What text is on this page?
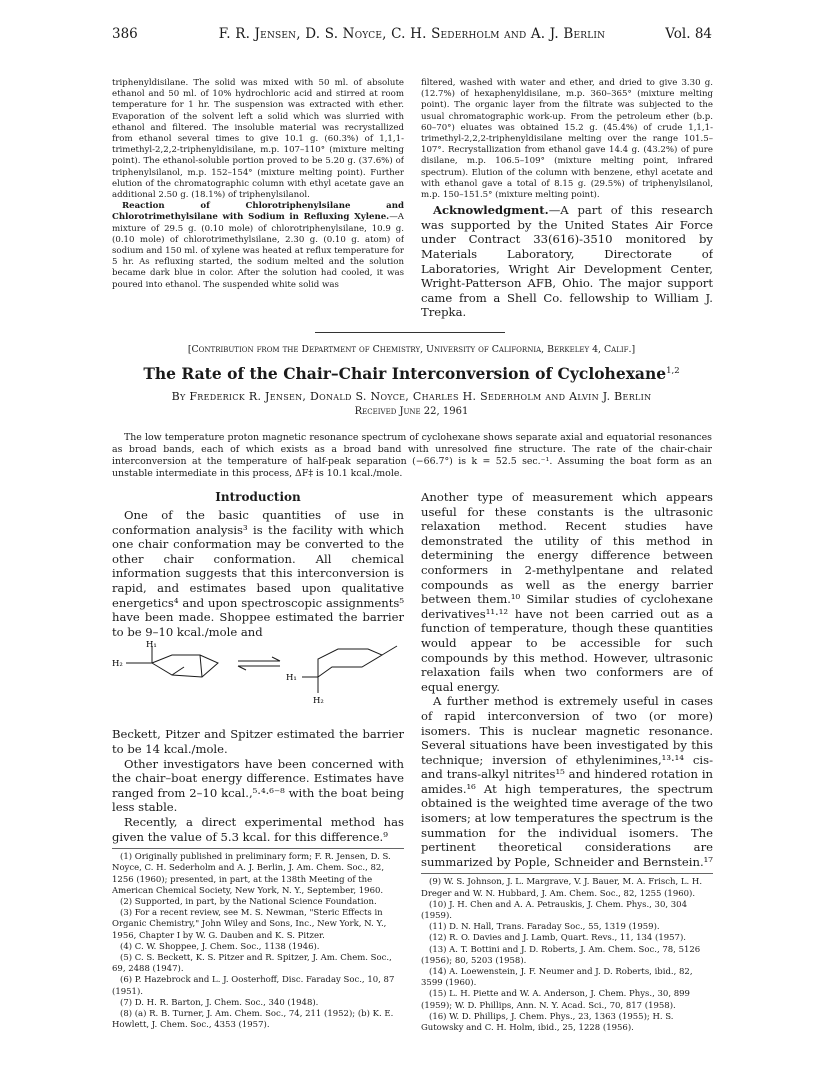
386	F. R. Jensen, D. S. Noyce, C. H. Sederholm and A. J. Berlin	Vol. 84

triphenyldisilane. The solid was mixed with 50 ml. of absolute ethanol and 50 ml. of 10% hydrochloric acid and stirred at room temperature for 1 hr. The suspension was extracted with ether. Evaporation of the solvent left a solid which was slurried with ethanol and filtered. The insoluble material was recrystallized from ethanol several times to give 10.1 g. (60.3%) of 1,1,1-trimethyl-2,2,2-triphenyldisilane, m.p. 107–110° (mixture melting point). The ethanol-soluble portion proved to be 5.20 g. (37.6%) of triphenylsilanol, m.p. 152–154° (mixture melting point). Further elution of the chromatographic column with ethyl acetate gave an additional 2.50 g. (18.1%) of triphenylsilanol.

Reaction of Chlorotriphenylsilane and Chlorotrimethylsilane with Sodium in Refluxing Xylene.—A mixture of 29.5 g. (0.10 mole) of chlorotriphenylsilane, 10.9 g. (0.10 mole) of chlorotrimethylsilane, 2.30 g. (0.10 g. atom) of sodium and 150 ml. of xylene was heated at reflux temperature for 5 hr. As refluxing started, the sodium melted and the solution became dark blue in color. After the solution had cooled, it was poured into ethanol. The suspended white solid was

filtered, washed with water and ether, and dried to give 3.30 g. (12.7%) of hexaphenyldisilane, m.p. 360–365° (mixture melting point). The organic layer from the filtrate was subjected to the usual chromatographic work-up. From the petroleum ether (b.p. 60–70°) eluates was obtained 15.2 g. (45.4%) of crude 1,1,1-trimethyl-2,2,2-triphenyldisilane melting over the range 101.5–107°. Recrystallization from ethanol gave 14.4 g. (43.2%) of pure disilane, m.p. 106.5–109° (mixture melting point, infrared spectrum). Elution of the column with benzene, ethyl acetate and with ethanol gave a total of 8.15 g. (29.5%) of triphenylsilanol, m.p. 150–151.5° (mixture melting point).

Acknowledgment.—A part of this research was supported by the United States Air Force under Contract 33(616)-3510 monitored by Materials Laboratory, Directorate of Laboratories, Wright Air Development Center, Wright-Patterson AFB, Ohio. The major support came from a Shell Co. fellowship to William J. Trepka.

[Contribution from the Department of Chemistry, University of California, Berkeley 4, Calif.]
The Rate of the Chair–Chair Interconversion of Cyclohexane$^{1,2}$
By Frederick R. Jensen, Donald S. Noyce, Charles H. Sederholm and Alvin J. Berlin
Received June 22, 1961

The low temperature proton magnetic resonance spectrum of cyclohexane shows separate axial and equatorial resonances as broad bands, each of which exists as a broad band with unresolved fine structure. The rate of the chair-chair interconversion at the temperature of half-peak separation (−66.7°) is k = 52.5 sec.⁻¹. Assuming the boat form as an unstable intermediate in this process, ΔF‡ is 10.1 kcal./mole.

Introduction

One of the basic quantities of use in conformation analysis³ is the facility with which one chair conformation may be converted to the other chair conformation. All chemical information suggests that this interconversion is rapid, and estimates based upon qualitative energetics⁴ and upon spectroscopic assignments⁵ have been made. Shoppee estimated the barrier to be 9–10 kcal./mole and

H₁
H₂
H₁
H₂

Beckett, Pitzer and Spitzer estimated the barrier to be 14 kcal./mole.

Other investigators have been concerned with the chair–boat energy difference. Estimates have ranged from 2–10 kcal.,⁵·⁴·⁶⁻⁸ with the boat being less stable.

Recently, a direct experimental method has given the value of 5.3 kcal. for this difference.⁹

(1) Originally published in preliminary form; F. R. Jensen, D. S. Noyce, C. H. Sederholm and A. J. Berlin, J. Am. Chem. Soc., 82, 1256 (1960); presented, in part, at the 138th Meeting of the American Chemical Society, New York, N. Y., September, 1960.

(2) Supported, in part, by the National Science Foundation.

(3) For a recent review, see M. S. Newman, "Steric Effects in Organic Chemistry," John Wiley and Sons, Inc., New York, N. Y., 1956, Chapter I by W. G. Dauben and K. S. Pitzer.

(4) C. W. Shoppee, J. Chem. Soc., 1138 (1946).

(5) C. S. Beckett, K. S. Pitzer and R. Spitzer, J. Am. Chem. Soc., 69, 2488 (1947).

(6) P. Hazebrock and L. J. Oosterhoff, Disc. Faraday Soc., 10, 87 (1951).

(7) D. H. R. Barton, J. Chem. Soc., 340 (1948).

(8) (a) R. B. Turner, J. Am. Chem. Soc., 74, 211 (1952); (b) K. E. Howlett, J. Chem. Soc., 4353 (1957).

Another type of measurement which appears useful for these constants is the ultrasonic relaxation method. Recent studies have demonstrated the utility of this method in determining the energy difference between conformers in 2-methylpentane and related compounds as well as the energy barrier between them.¹⁰ Similar studies of cyclohexane derivatives¹¹·¹² have not been carried out as a function of temperature, though these quantities would appear to be accessible for such compounds by this method. However, ultrasonic relaxation fails when two conformers are of equal energy.

A further method is extremely useful in cases of rapid interconversion of two (or more) isomers. This is nuclear magnetic resonance. Several situations have been investigated by this technique; inversion of ethylenimines,¹³·¹⁴ cis- and trans-alkyl nitrites¹⁵ and hindered rotation in amides.¹⁶ At high temperatures, the spectrum obtained is the weighted time average of the two isomers; at low temperatures the spectrum is the summation for the individual isomers. The pertinent theoretical considerations are summarized by Pople, Schneider and Bernstein.¹⁷

(9) W. S. Johnson, J. L. Margrave, V. J. Bauer, M. A. Frisch, L. H. Dreger and W. N. Hubbard, J. Am. Chem. Soc., 82, 1255 (1960).

(10) J. H. Chen and A. A. Petrauskis, J. Chem. Phys., 30, 304 (1959).

(11) D. N. Hall, Trans. Faraday Soc., 55, 1319 (1959).

(12) R. O. Davies and J. Lamb, Quart. Revs., 11, 134 (1957).

(13) A. T. Bottini and J. D. Roberts, J. Am. Chem. Soc., 78, 5126 (1956); 80, 5203 (1958).

(14) A. Loewenstein, J. F. Neumer and J. D. Roberts, ibid., 82, 3599 (1960).

(15) L. H. Piette and W. A. Anderson, J. Chem. Phys., 30, 899 (1959); W. D. Phillips, Ann. N. Y. Acad. Sci., 70, 817 (1958).

(16) W. D. Phillips, J. Chem. Phys., 23, 1363 (1955); H. S. Gutowsky and C. H. Holm, ibid., 25, 1228 (1956).
